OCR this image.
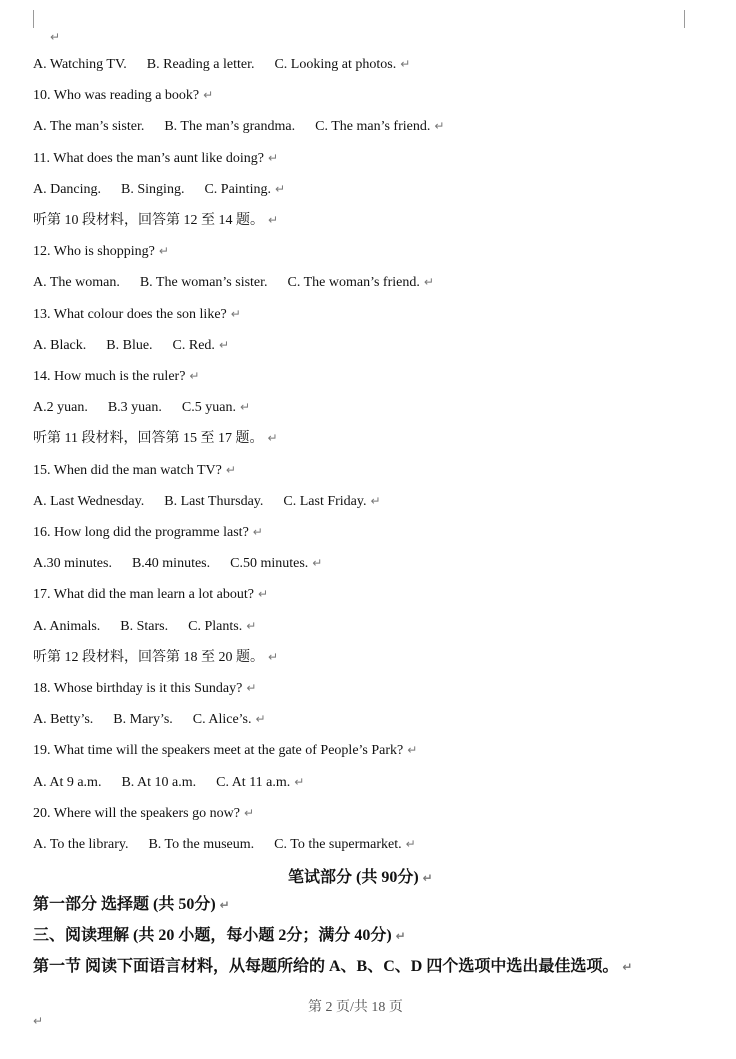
↵
A. Watching TV. B. Reading a letter. C. Looking at photos. ↵
10. Who was reading a book? ↵
A. The man’s sister. B. The man’s grandma. C. The man’s friend. ↵
11. What does the man’s aunt like doing? ↵
A. Dancing. B. Singing. C. Painting. ↵
听第 10 段材料，回答第 12 至 14 题。 ↵
12. Who is shopping? ↵
A. The woman. B. The woman’s sister. C. The woman’s friend. ↵
13. What colour does the son like? ↵
A. Black. B. Blue. C. Red. ↵
14. How much is the ruler? ↵
A.2 yuan. B.3 yuan. C.5 yuan. ↵
听第 11 段材料，回答第 15 至 17 题。 ↵
15. When did the man watch TV? ↵
A. Last Wednesday. B. Last Thursday. C. Last Friday. ↵
16. How long did the programme last? ↵
A.30 minutes. B.40 minutes. C.50 minutes. ↵
17. What did the man learn a lot about? ↵
A. Animals. B. Stars. C. Plants. ↵
听第 12 段材料，回答第 18 至 20 题。 ↵
18. Whose birthday is it this Sunday? ↵
A. Betty’s. B. Mary’s. C. Alice’s. ↵
19. What time will the speakers meet at the gate of People’s Park? ↵
A. At 9 a.m. B. At 10 a.m. C. At 11 a.m. ↵
20. Where will the speakers go now? ↵
A. To the library. B. To the museum. C. To the supermarket. ↵
笔试部分 (共 90分) ↵
第一部分 选择题 (共 50分) ↵
三、阅读理解 (共 20 小题，每小题 2分；满分 40分) ↵
第一节 阅读下面语言材料，从每题所给的 A、B、C、D 四个选项中选出最佳选项。 ↵
第 2 页/共 18 页
↵
